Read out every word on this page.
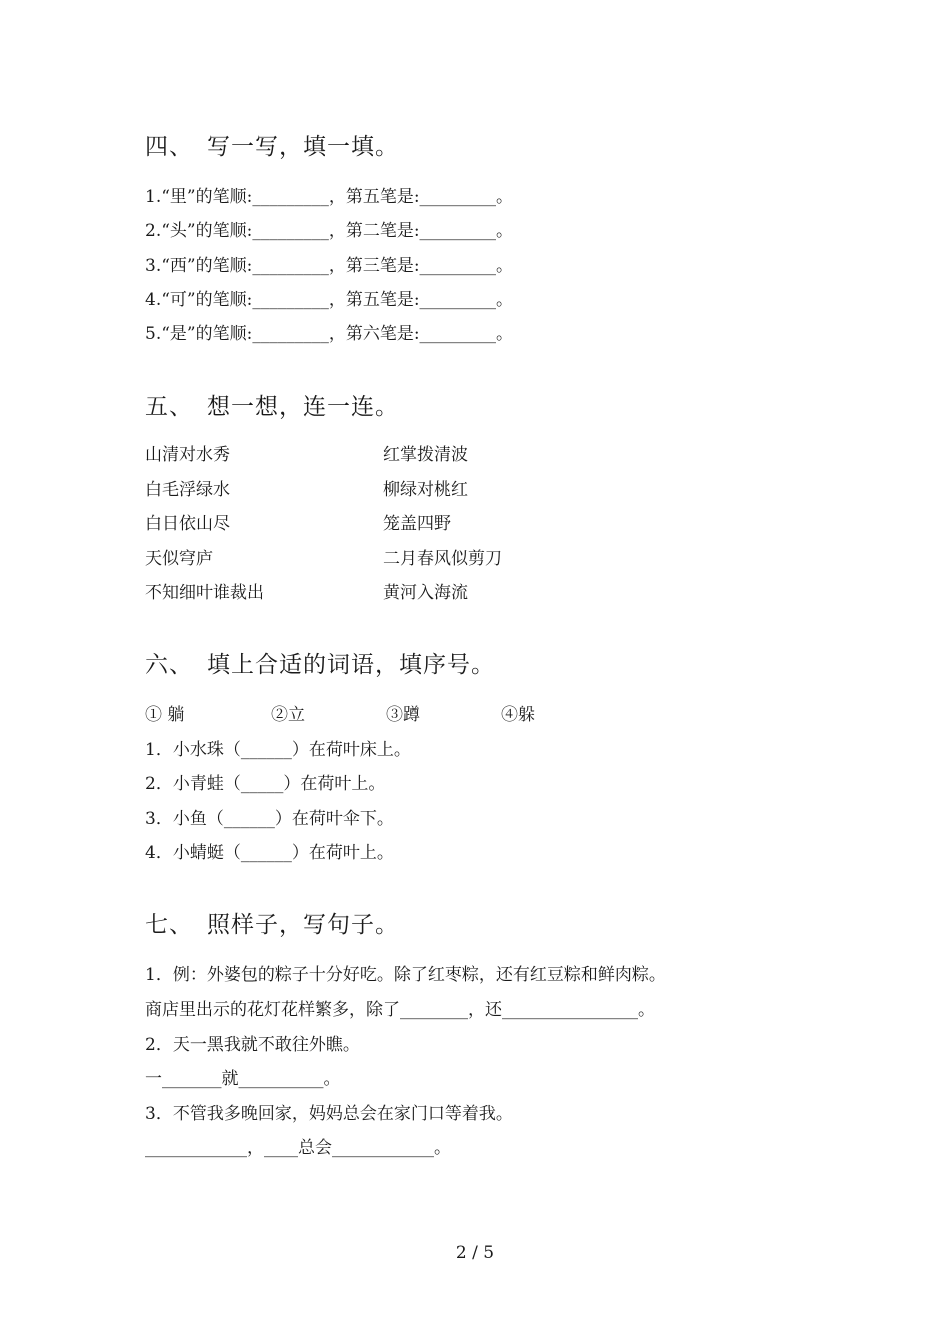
四、 写一写，填一填。
1.“里”的笔顺:_________，第五笔是:_________。
2.“头”的笔顺:_________，第二笔是:_________。
3.“西”的笔顺:_________，第三笔是:_________。
4.“可”的笔顺:_________，第五笔是:_________。
5.“是”的笔顺:_________，第六笔是:_________。
五、 想一想，连一连。
山清对水秀	红掌拨清波
白毛浮绿水	柳绿对桃红
白日依山尽	笼盖四野
天似穹庐	二月春风似剪刀
不知细叶谁裁出	黄河入海流
六、 填上合适的词语，填序号。
① 躺	②立	③蹲	④躲
1．小水珠（______）在荷叶床上。
2．小青蛙（_____）在荷叶上。
3．小鱼（______）在荷叶伞下。
4．小蜻蜓（______）在荷叶上。
七、 照样子，写句子。
1．例：外婆包的粽子十分好吃。除了红枣粽，还有红豆粽和鲜肉粽。
商店里出示的花灯花样繁多，除了________，还________________。
2．天一黑我就不敢往外瞧。
一_______就__________。
3．不管我多晚回家，妈妈总会在家门口等着我。
____________，____总会____________。
2 / 5
